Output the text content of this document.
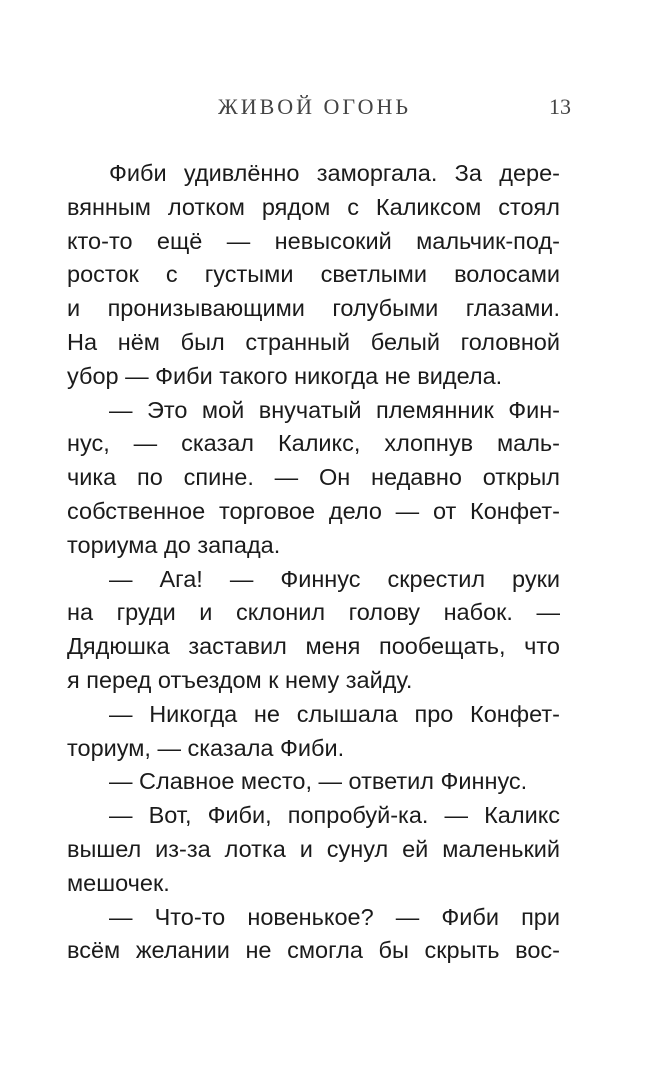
ЖИВОЙ ОГОНЬ	13
Фиби удивлённо заморгала. За дере-
вянным лотком рядом с Каликсом стоял
кто-то ещё — невысокий мальчик-под-
росток с густыми светлыми волосами
и пронизывающими голубыми глазами.
На нём был странный белый головной
убор — Фиби такого никогда не видела.
— Это мой внучатый племянник Фин-
нус, — сказал Каликс, хлопнув маль-
чика по спине. — Он недавно открыл
собственное торговое дело — от Конфет-
ториума до запада.
— Ага! — Финнус скрестил руки
на груди и склонил голову набок. —
Дядюшка заставил меня пообещать, что
я перед отъездом к нему зайду.
— Никогда не слышала про Конфет-
ториум, — сказала Фиби.
— Славное место, — ответил Финнус.
— Вот, Фиби, попробуй-ка. — Каликс
вышел из-за лотка и сунул ей маленький
мешочек.
— Что-то новенькое? — Фиби при
всём желании не смогла бы скрыть вос-
